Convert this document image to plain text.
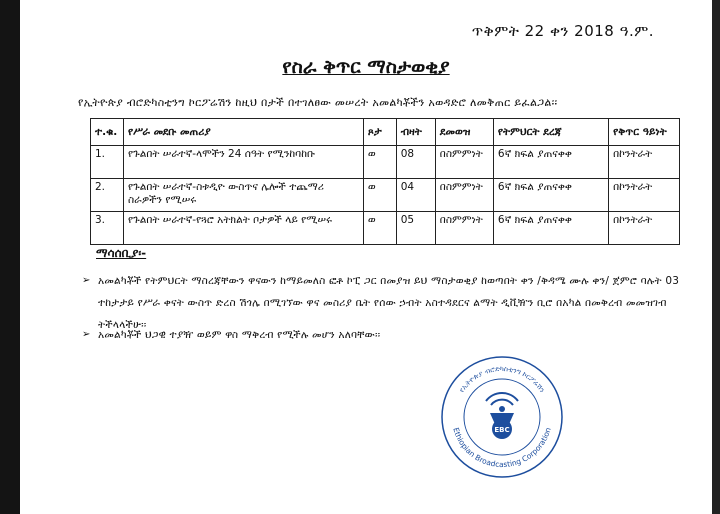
ጥቅምት 22 ቀን 2018 ዓ.ም.
የስራ ቅጥር ማስታወቂያ
የኢትዮጵያ ብሮድካስቲንግ ኮርፖሬሽን ከዚህ በታች በተገለፀው መሠረት አመልካቾችን አወዳድሮ ለመቅጠር ይፈልጋል፡፡
ተ.ቁ.	የሥራ መደቡ መጠሪያ	ጾታ	ብዛት	ደመወዝ	የትምህርት ደረጃ	የቅጥር ዓይነት
1.	የጉልበት ሠራተኛ-ላሞችን 24 ሰዓት የሚንከባከቡ	ወ	08	በስምምነት	6ኛ ክፍል ያጠናቀቀ	በኮንትራት
2.	የጉልበት ሠራተኛ-ስቱዲዮ ውስጥና ሌሎች ተጨማሪ ስራዎችን የሚሠሩ	ወ	04	በስምምነት	6ኛ ክፍል ያጠናቀቀ	በኮንትራት
3.	የጉልበት ሠራተኛ-የጓሮ አትክልት ቦታዎች ላይ የሚሠሩ	ወ	05	በስምምነት	6ኛ ክፍል ያጠናቀቀ	በኮንትራት
ማሳሰቢያ፡-
➢ አመልካቾች የትምህርት ማስረጃቸውን ዋናውን ከማይመለስ ፎቶ ኮፒ ጋር በመያዝ ይህ ማስታወቂያ ከወጣበት ቀን /ቅዳሜ ሙሉ ቀን/ ጀምሮ ባሉት 03 ተከታታይ የሥራ ቀናት ውስጥ ድረስ ሽጎሌ በሚገኘው ዋና መስሪያ ቤት የሰው ኃብት አስተዳደርና ልማት ዲቪዥን ቢሮ በአካል በመቅረብ መመዝገብ ትችላላችሁ፡፡
➢ አመልካቾች ህጋዊ ተያዥ ወይም ዋስ ማቅረብ የሚችሉ መሆን አለባቸው፡፡
የኢትዮጵያ ብሮድካስቲንግ ኮርፖሬሽን
Ethiopian Broadcasting Corporation
EBC
